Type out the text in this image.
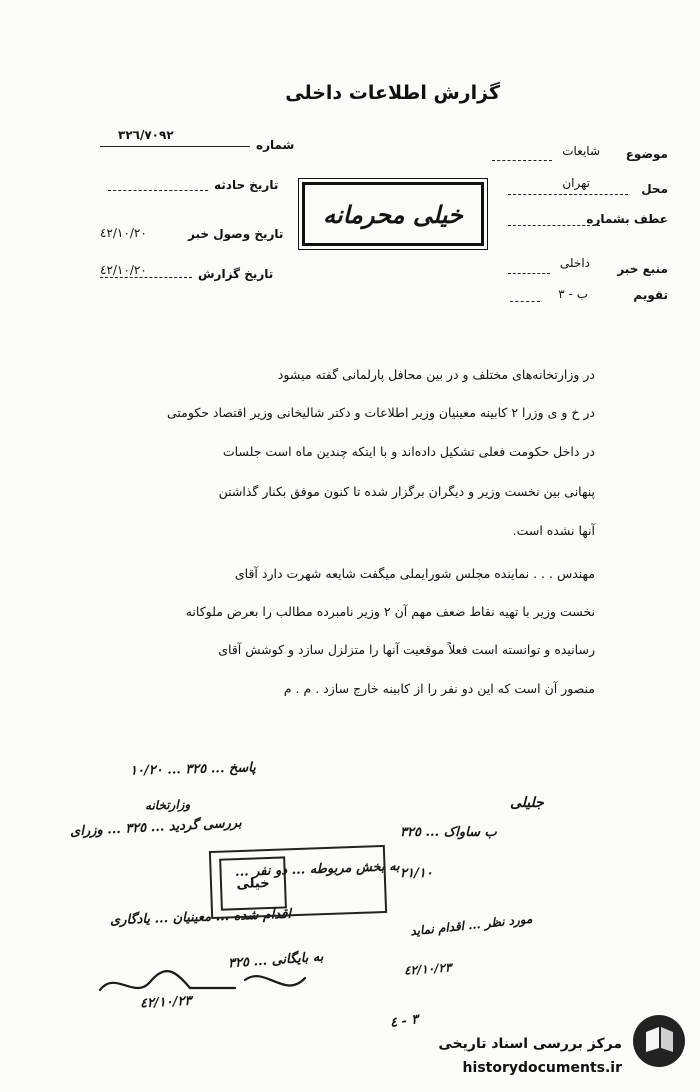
گزارش اطلاعات داخلی
موضوع
شایعات
محل
تهران
عطف بشماره
منبع خبر
داخلی
تقویم
ب - ٣
شماره
٣٢٦/٧٠٩٢
تاریخ حادثه
تاریخ وصول خبر
٤٢/١٠/٢٠
تاریخ گزارش
٤٢/١٠/٢٠
خیلی محرمانه
در وزارتخانه‌های مختلف و در بین محافل پارلمانی گفته میشود
در خ و ی وزرا ۲ کابینه معینیان وزیر اطلاعات و دکتر شالیخانی وزیر اقتصاد حکومتی
در داخل حکومت فعلی تشکیل داده‌اند و با اینکه چندین ماه است جلسات
پنهانی بین نخست وزیر و دیگران برگزار شده تا کنون موفق بکنار گذاشتن
آنها نشده است.
مهندس . . . نماینده مجلس شورایملی میگفت شایعه شهرت دارد آقای
نخست وزیر با تهیه نقاط ضعف مهم آن ۲ وزیر نامبرده مطالب را بعرض ملوکانه
رسانیده و توانسته است فعلاً موقعیت آنها را متزلزل سازد و کوشش آقای
منصور آن است که این دو نفر را از کابینه خارج سازد . م . م
پاسخ ... ٣٢٥ ... ١٠/٢٠
جلیلی
ب ساواک ... ٣٢٥
٢١/١٠
وزارتخانه
بررسی گردید ... ٣٢٥ ... وزرای
به بخش مربوطه ... دو نفر ...
اقدام شده ... معینیان ... یادگاری	مورد نظر ... اقدام نماید
٤٢/١٠/٢٣
به بایگانی ... ٣٢٥
خیلی
٤٢/١٠/٢٣
٣ - ٤
مرکز بررسی اسناد تاریخی
historydocuments.ir
